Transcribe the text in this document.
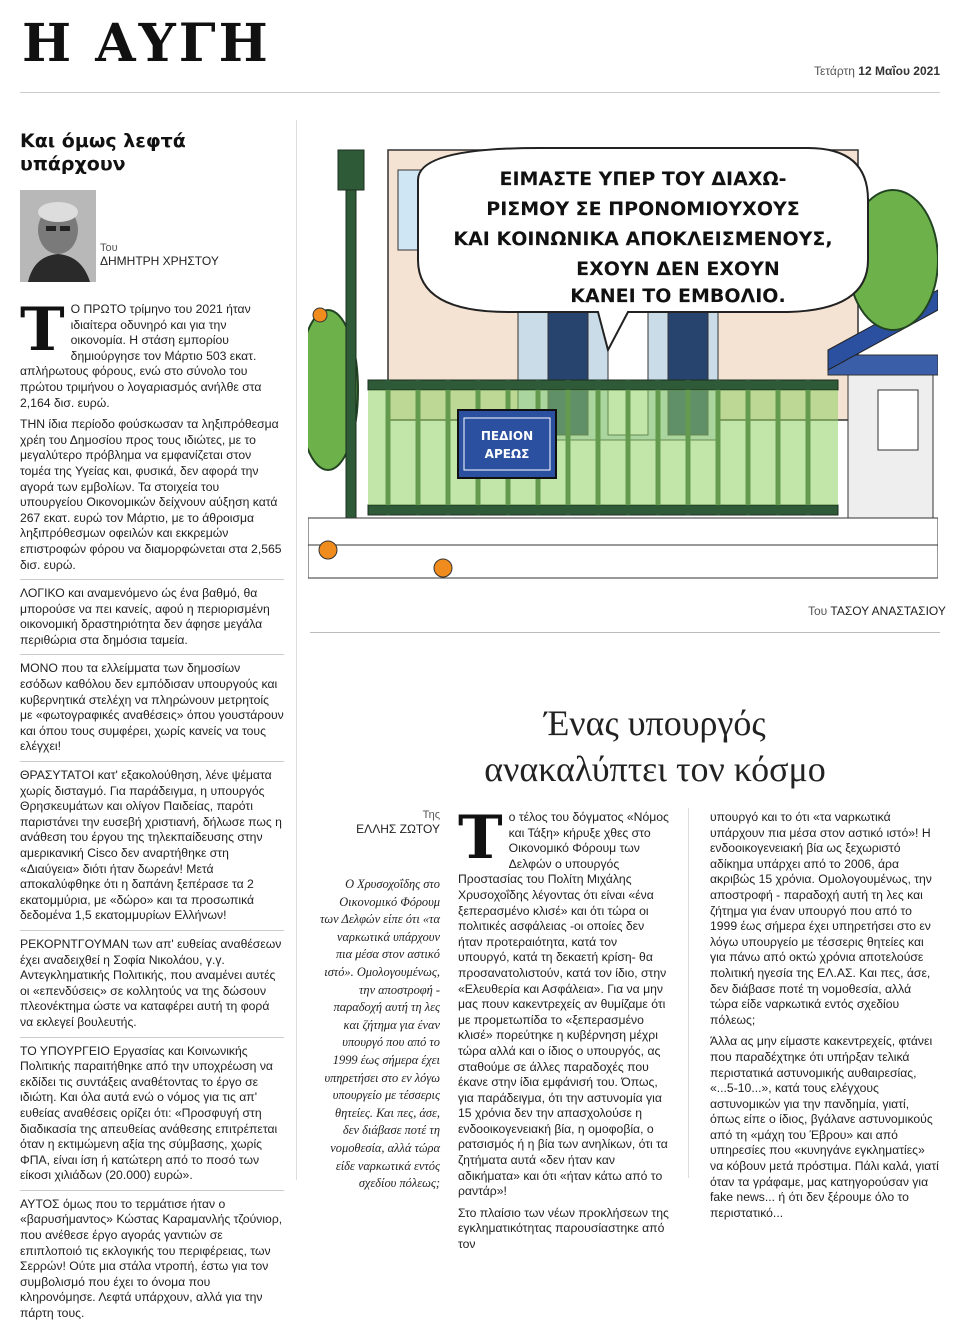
Η ΑΥΓΗ	Τετάρτη 12 Μαΐου 2021
Και όμως λεφτά υπάρχουν
Του
ΔΗΜΗΤΡΗ ΧΡΗΣΤΟΥ

Τ Ο ΠΡΩΤΟ τρίμηνο του 2021 ήταν ιδιαίτερα οδυνηρό και για την οικονομία. Η στάση εμπορίου δημιούργησε τον Μάρτιο 503 εκατ. απλήρωτους φόρους, ενώ στο σύνολο του πρώτου τριμήνου ο λογαριασμός ανήλθε στα 2,164 δισ. ευρώ.

ΤΗΝ ίδια περίοδο φούσκωσαν τα ληξιπρόθεσμα χρέη του Δημοσίου προς τους ιδιώτες, με το μεγαλύτερο πρόβλημα να εμφανίζεται στον τομέα της Υγείας και, φυσικά, δεν αφορά την αγορά των εμβολίων. Τα στοιχεία του υπουργείου Οικονομικών δείχνουν αύξηση κατά 267 εκατ. ευρώ τον Μάρτιο, με το άθροισμα ληξιπρόθεσμων οφειλών και εκκρεμών επιστροφών φόρου να διαμορφώνεται στα 2,565 δισ. ευρώ.

ΛΟΓΙΚΟ και αναμενόμενο ώς ένα βαθμό, θα μπορούσε να πει κανείς, αφού η περιορισμένη οικονομική δραστηριότητα δεν άφησε μεγάλα περιθώρια στα δημόσια ταμεία.

ΜΟΝΟ που τα ελλείμματα των δημοσίων εσόδων καθόλου δεν εμπόδισαν υπουργούς και κυβερνητικά στελέχη να πληρώνουν μετρητοίς με «φωτογραφικές αναθέσεις» όπου γουστάρουν και όπου τους συμφέρει, χωρίς κανείς να τους ελέγχει!

ΘΡΑΣΥΤΑΤΟΙ κατ' εξακολούθηση, λένε ψέματα χωρίς δισταγμό. Για παράδειγμα, η υπουργός Θρησκευμάτων και ολίγον Παιδείας, παρότι παριστάνει την ευσεβή χριστιανή, δήλωσε πως η ανάθεση του έργου της τηλεκπαίδευσης στην αμερικανική Cisco δεν αναρτήθηκε στη «Διαύγεια» διότι ήταν δωρεάν! Μετά αποκαλύφθηκε ότι η δαπάνη ξεπέρασε τα 2 εκατομμύρια, με «δώρο» και τα προσωπικά δεδομένα 1,5 εκατομμυρίων Ελλήνων!

ΡΕΚΟΡΝΤΓΟΥΜΑΝ των απ' ευθείας αναθέσεων έχει αναδειχθεί η Σοφία Νικολάου, γ.γ. Αντεγκληματικής Πολιτικής, που αναμένει αυτές οι «επενδύσεις» σε κολλητούς να της δώσουν πλεονέκτημα ώστε να καταφέρει αυτή τη φορά να εκλεγεί βουλευτής.

ΤΟ ΥΠΟΥΡΓΕΙΟ Εργασίας και Κοινωνικής Πολιτικής παραιτήθηκε από την υποχρέωση να εκδίδει τις συντάξεις αναθέτοντας το έργο σε ιδιώτη. Και όλα αυτά ενώ ο νόμος για τις απ' ευθείας αναθέσεις ορίζει ότι: «Προσφυγή στη διαδικασία της απευθείας ανάθεσης επιτρέπεται όταν η εκτιμώμενη αξία της σύμβασης, χωρίς ΦΠΑ, είναι ίση ή κατώτερη από το ποσό των είκοσι χιλιάδων (20.000) ευρώ».

ΑΥΤΟΣ όμως που το τερμάτισε ήταν ο «βαρυσήμαντος» Κώστας Καραμανλής τζούνιορ, που ανέθεσε έργο αγοράς γαντιών σε επιπλοποιό τις εκλογικής του περιφέρειας, των Σερρών! Ούτε μια στάλα ντροπή, έστω για τον συμβολισμό που έχει το όνομα που κληρονόμησε. Λεφτά υπάρχουν, αλλά για την πάρτη τους.

ΠΕΔΙΟΝ
ΑΡΕΩΣ
ΕΙΜΑΣΤΕ ΥΠΕΡ ΤΟΥ ΔΙΑΧΩ-
ΡΙΣΜΟΥ ΣΕ ΠΡΟΝΟΜΙΟΥΧΟΥΣ
ΚΑΙ ΚΟΙΝΩΝΙΚΑ ΑΠΟΚΛΕΙΣΜΕΝΟΥΣ,
ΕΧΟΥΝ ΔΕΝ ΕΧΟΥΝ
ΚΑΝΕΙ ΤΟ ΕΜΒΟΛΙΟ.
Του ΤΑΣΟΥ ΑΝΑΣΤΑΣΙΟΥ
Ένας υπουργός
ανακαλύπτει τον κόσμο
Της
ΕΛΛΗΣ ΖΩΤΟΥ
Ο Χρυσοχοΐδης στο Οικονομικό Φόρουμ των Δελφών είπε ότι «τα ναρκωτικά υπάρχουν πια μέσα στον αστικό ιστό». Ομολογουμένως, την αποστροφή - παραδοχή αυτή τη λες και ζήτημα για έναν υπουργό που από το 1999 έως σήμερα έχει υπηρετήσει στο εν λόγω υπουργείο με τέσσερις θητείες. Και πες, άσε, δεν διάβασε ποτέ τη νομοθεσία, αλλά τώρα είδε ναρκωτικά εντός σχεδίου πόλεως;

Το τέλος του δόγματος «Νόμος και Τάξη» κήρυξε χθες στο Οικονομικό Φόρουμ των Δελφών ο υπουργός Προστασίας του Πολίτη Μιχάλης Χρυσοχοΐδης λέγοντας ότι είναι «ένα ξεπερασμένο κλισέ» και ότι τώρα οι πολιτικές ασφάλειας -οι οποίες δεν ήταν προτεραιότητα, κατά τον υπουργό, κατά τη δεκαετή κρίση- θα προσανατολιστούν, κατά τον ίδιο, στην «Ελευθερία και Ασφάλεια». Για να μην μας πουν κακεντρεχείς αν θυμίζαμε ότι με προμετωπίδα το «ξεπερασμένο κλισέ» πορεύτηκε η κυβέρνηση μέχρι τώρα αλλά και ο ίδιος ο υπουργός, ας σταθούμε σε άλλες παραδοχές που έκανε στην ίδια εμφάνισή του. Όπως, για παράδειγμα, ότι την αστυνομία για 15 χρόνια δεν την απασχολούσε η ενδοοικογενειακή βία, η ομοφοβία, ο ρατσισμός ή η βία των ανηλίκων, ότι τα ζητήματα αυτά «δεν ήταν καν αδικήματα» και ότι «ήταν κάτω από το ραντάρ»!

Στο πλαίσιο των νέων προκλήσεων της εγκληματικότητας παρουσίαστηκε από τον

υπουργό και το ότι «τα ναρκωτικά υπάρχουν πια μέσα στον αστικό ιστό»! Η ενδοοικογενειακή βία ως ξεχωριστό αδίκημα υπάρχει από το 2006, άρα ακριβώς 15 χρόνια. Ομολογουμένως, την αποστροφή - παραδοχή αυτή τη λες και ζήτημα για έναν υπουργό που από το 1999 έως σήμερα έχει υπηρετήσει στο εν λόγω υπουργείο με τέσσερις θητείες και για πάνω από οκτώ χρόνια αποτελούσε πολιτική ηγεσία της ΕΛ.ΑΣ. Και πες, άσε, δεν διάβασε ποτέ τη νομοθεσία, αλλά τώρα είδε ναρκωτικά εντός σχεδίου πόλεως;

Άλλα ας μην είμαστε κακεντρεχείς, φτάνει που παραδέχτηκε ότι υπήρξαν τελικά περιστατικά αστυνομικής αυθαιρεσίας, «...5-10...», κατά τους ελέγχους αστυνομικών για την πανδημία, γιατί, όπως είπε ο ίδιος, βγάλανε αστυνομικούς από τη «μάχη του Έβρου» και από υπηρεσίες που «κυνηγάνε εγκληματίες» να κόβουν μετά πρόστιμα. Πάλι καλά, γιατί όταν τα γράφαμε, μας κατηγορούσαν για fake news... ή ότι δεν ξέρουμε όλο το περιστατικό...
